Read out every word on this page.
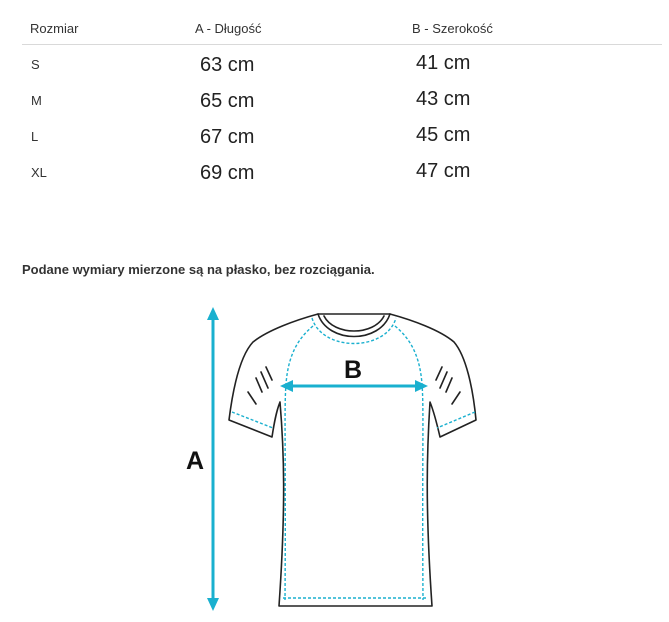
Rozmiar	A - Długość	B - Szerokość
S	63 cm	41 cm
M	65 cm	43 cm
L	67 cm	45 cm
XL	69 cm	47 cm

Podane wymiary mierzone są na płasko, bez rozciągania.

A
B
